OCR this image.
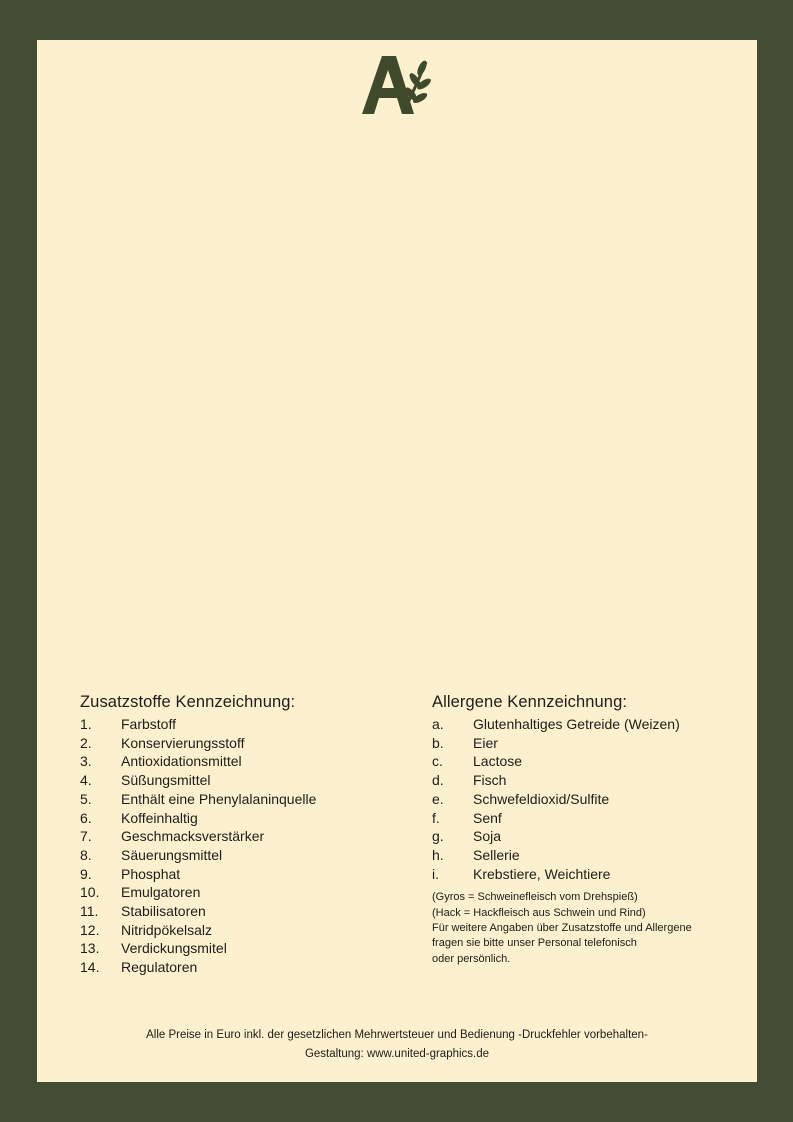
Zusatzstoffe Kennzeichnung:
1.	Farbstoff
2.	Konservierungsstoff
3.	Antioxidationsmittel
4.	Süßungsmittel
5.	Enthält eine Phenylalaninquelle
6.	Koffeinhaltig
7.	Geschmacksverstärker
8.	Säuerungsmittel
9.	Phosphat
10.	Emulgatoren
11.	Stabilisatoren
12.	Nitridpökelsalz
13.	Verdickungsmitel
14.	Regulatoren
Allergene Kennzeichnung:
a.	Glutenhaltiges Getreide (Weizen)
b.	Eier
c.	Lactose
d.	Fisch
e.	Schwefeldioxid/Sulfite
f.	Senf
g.	Soja
h.	Sellerie
i.	Krebstiere, Weichtiere
(Gyros = Schweinefleisch vom Drehspieß)
(Hack = Hackfleisch aus Schwein und Rind)
Für weitere Angaben über Zusatzstoffe und Allergene
fragen sie bitte unser Personal telefonisch
oder persönlich.
Alle Preise in Euro inkl. der gesetzlichen Mehrwertsteuer und Bedienung -Druckfehler vorbehalten-
Gestaltung: www.united-graphics.de
